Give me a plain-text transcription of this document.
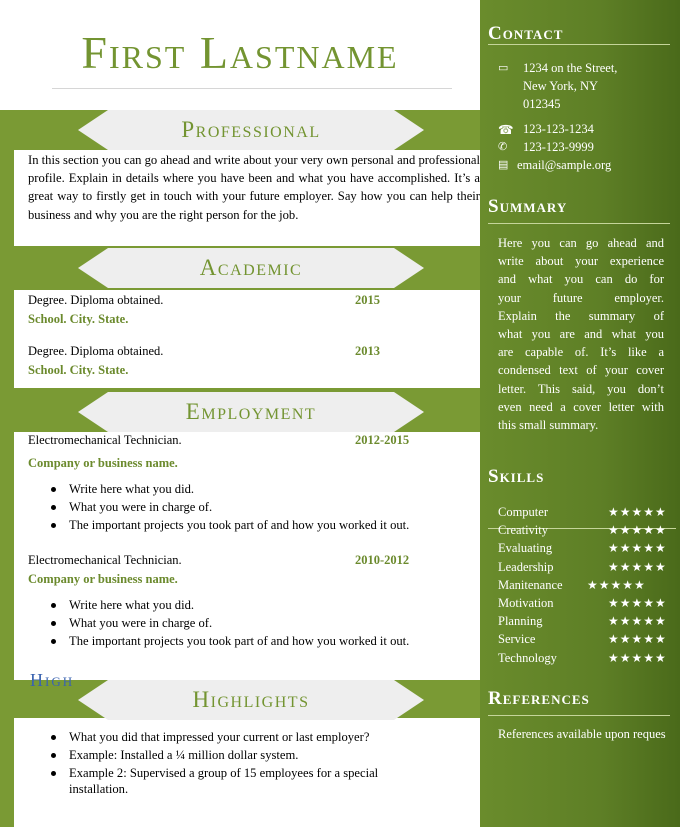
First Lastname
Professional
In this section you can go ahead and write about your very own personal and professional profile. Explain in details where you have been and what you have accomplished. It’s a great way to firstly get in touch with your future employer. Say how you can help their business and why you are the right person for the job.
Academic
Degree. Diploma obtained.	2015
School. City. State.
Degree. Diploma obtained.	2013
School. City. State.
Employment
Electromechanical Technician.	2012-2015
Company or business name.
Write here what you did.
What you were in charge of.
The important projects you took part of and how you worked it out.
Electromechanical Technician.	2010-2012
Company or business name.
Write here what you did.
What you were in charge of.
The important projects you took part of and how you worked it out.
High
What you did that impressed your current or last employer?
Example: Installed a ¼ million dollar system.
Example 2: Supervised a group of 15 employees for a special
installation.
Highlights
Contact
▭ 1234 on the Street,
New York, NY
012345
☎ 123-123-1234
✆ 123-123-9999
▤ email@sample.org
Summary
Here you can go ahead and
write about your experience
and what you can do for
your future employer.
Explain the summary of
what you are and what you
are capable of. It’s like a
condensed text of your cover
letter. This said, you don’t
even need a cover letter with
this small summary.
Skills
Computer	★★★★★
Creativity	★★★★★
Evaluating	★★★★★
Leadership	★★★★★
Manitenance ★★★★★
Motivation	★★★★★
Planning	★★★★★
Service	★★★★★
Technology	★★★★★
References
References available upon reques
